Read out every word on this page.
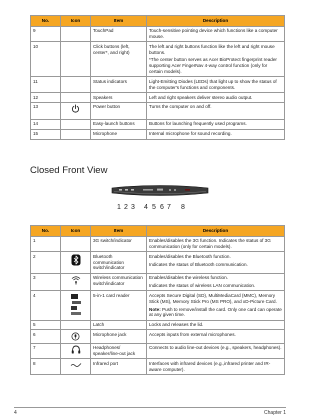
No.	Icon	Item	Description
9		TouchPad	Touch-sensitive pointing device which functions like a computer mouse.

10		Click buttons (left, center*, and right)	The left and right buttons function like the left and right mouse buttons.

*The center button serves as Acer BioProtect fingerprint reader supporting Acer FingerNav 4-way control function (only for certain models).

11		Status indicators	Light-Emitting Diodes (LEDs) that light up to show the status of the computer's functions and components.

12		Speakers	Left and right speakers deliver stereo audio output.

13		Power button	Turns the computer on and off.

14		Easy-launch buttons	Buttons for launching frequently used programs.

15		Microphone	Internal microphone for sound recording.

Closed Front View
1 2 3 4 5 6 7 8
No.	Icon	Item	Description
1		3G switch/indicator	Enables/disables the 3G function. Indicates the status of 3G communication (only for certain models).

2		Bluetooth communication switch/indicator	Enables/disables the Bluetooth function.

Indicates the status of Bluetooth communication.

3		Wireless communication switch/indicator	Enables/disables the wireless function.

Indicates the status of wireless LAN communication.

4		5-in-1 card reader	Accepts Secure Digital (SD), MultiMediaCard (MMC), Memory Stick (MS), Memory Stick Pro (MS PRO), and xD-Picture Card.

Note: Push to remove/install the card. Only one card can operate at any given time.

5		Latch	Locks and releases the lid.

6		Microphone jack	Accepts inputs from external microphones.

7		Headphones/ speaker/line-out jack	Connects to audio line-out devices (e.g., speakers, headphones).

8		Infrared port	Interfaces with infrared devices (e.g.,infrared printer and IR-aware computer).

4	Chapter 1
